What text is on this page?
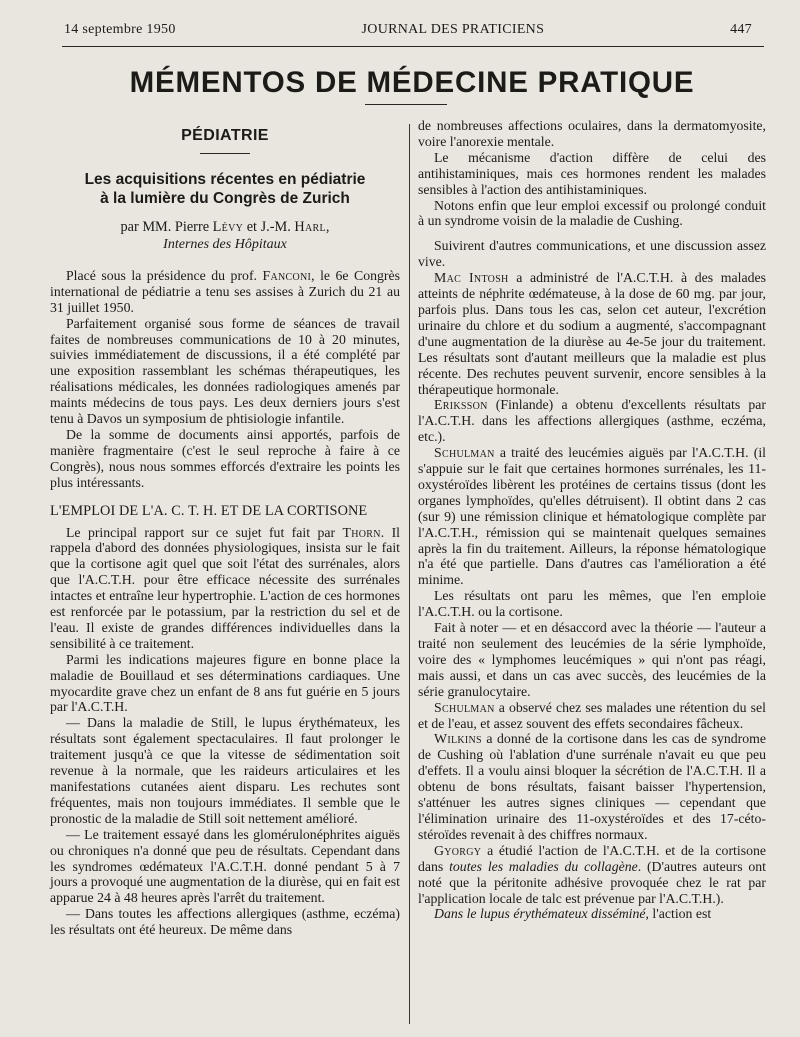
14 septembre 1950	JOURNAL DES PRATICIENS	447
MÉMENTOS DE MÉDECINE PRATIQUE
PÉDIATRIE
Les acquisitions récentes en pédiatrie
à la lumière du Congrès de Zurich
par MM. Pierre Lévy et J.-M. Harl,
Internes des Hôpitaux

Placé sous la présidence du prof. Fanconi, le 6e Congrès international de pédiatrie a tenu ses assises à Zurich du 21 au 31 juillet 1950.

Parfaitement organisé sous forme de séances de travail faites de nombreuses communications de 10 à 20 minutes, suivies immédiatement de discussions, il a été complété par une exposition rassemblant les schémas thérapeutiques, les réalisations médicales, les données radiologiques amenés par maints médecins de tous pays. Les deux derniers jours s'est tenu à Davos un symposium de phtisiologie infantile.

De la somme de documents ainsi apportés, parfois de manière fragmentaire (c'est le seul reproche à faire à ce Congrès), nous nous sommes efforcés d'extraire les points les plus intéressants.

L'EMPLOI DE L'A. C. T. H. ET DE LA CORTISONE

Le principal rapport sur ce sujet fut fait par Thorn. Il rappela d'abord des données physiologiques, insista sur le fait que la cortisone agit quel que soit l'état des surrénales, alors que l'A.C.T.H. pour être efficace nécessite des surrénales intactes et entraîne leur hypertrophie. L'action de ces hormones est renforcée par le potassium, par la restriction du sel et de l'eau. Il existe de grandes différences individuelles dans la sensibilité à ce traitement.

Parmi les indications majeures figure en bonne place la maladie de Bouillaud et ses déterminations cardiaques. Une myocardite grave chez un enfant de 8 ans fut guérie en 5 jours par l'A.C.T.H.

— Dans la maladie de Still, le lupus érythémateux, les résultats sont également spectaculaires. Il faut prolonger le traitement jusqu'à ce que la vitesse de sédimentation soit revenue à la normale, que les raideurs articulaires et les manifestations cutanées aient disparu. Les rechutes sont fréquentes, mais non toujours immédiates. Il semble que le pronostic de la maladie de Still soit nettement amélioré.

— Le traitement essayé dans les glomérulonéphrites aiguës ou chroniques n'a donné que peu de résultats. Cependant dans les syndromes œdémateux l'A.C.T.H. donné pendant 5 à 7 jours a provoqué une augmentation de la diurèse, qui en fait est apparue 24 à 48 heures après l'arrêt du traitement.

— Dans toutes les affections allergiques (asthme, eczéma) les résultats ont été heureux. De même dans

de nombreuses affections oculaires, dans la dermatomyosite, voire l'anorexie mentale.

Le mécanisme d'action diffère de celui des antihistaminiques, mais ces hormones rendent les malades sensibles à l'action des antihistaminiques.

Notons enfin que leur emploi excessif ou prolongé conduit à un syndrome voisin de la maladie de Cushing.

Suivirent d'autres communications, et une discussion assez vive.

Mac Intosh a administré de l'A.C.T.H. à des malades atteints de néphrite œdémateuse, à la dose de 60 mg. par jour, parfois plus. Dans tous les cas, selon cet auteur, l'excrétion urinaire du chlore et du sodium a augmenté, s'accompagnant d'une augmentation de la diurèse au 4e-5e jour du traitement. Les résultats sont d'autant meilleurs que la maladie est plus récente. Des rechutes peuvent survenir, encore sensibles à la thérapeutique hormonale.

Eriksson (Finlande) a obtenu d'excellents résultats par l'A.C.T.H. dans les affections allergiques (asthme, eczéma, etc.).

Schulman a traité des leucémies aiguës par l'A.C.T.H. (il s'appuie sur le fait que certaines hormones surrénales, les 11-oxystéroïdes libèrent les protéines de certains tissus (dont les organes lymphoïdes, qu'elles détruisent). Il obtint dans 2 cas (sur 9) une rémission clinique et hématologique complète par l'A.C.T.H., rémission qui se maintenait quelques semaines après la fin du traitement. Ailleurs, la réponse hématologique n'a été que partielle. Dans d'autres cas l'amélioration a été minime.

Les résultats ont paru les mêmes, que l'en emploie l'A.C.T.H. ou la cortisone.

Fait à noter — et en désaccord avec la théorie — l'auteur a traité non seulement des leucémies de la série lymphoïde, voire des « lymphomes leucémiques » qui n'ont pas réagi, mais aussi, et dans un cas avec succès, des leucémies de la série granulocytaire.

Schulman a observé chez ses malades une rétention du sel et de l'eau, et assez souvent des effets secondaires fâcheux.

Wilkins a donné de la cortisone dans les cas de syndrome de Cushing où l'ablation d'une surrénale n'avait eu que peu d'effets. Il a voulu ainsi bloquer la sécrétion de l'A.C.T.H. Il a obtenu de bons résultats, faisant baisser l'hypertension, s'atténuer les autres signes cliniques — cependant que l'élimination urinaire des 11-oxystéroïdes et des 17-céto-stéroïdes revenait à des chiffres normaux.

Gyorgy a étudié l'action de l'A.C.T.H. et de la cortisone dans toutes les maladies du collagène. (D'autres auteurs ont noté que la péritonite adhésive provoquée chez le rat par l'application locale de talc est prévenue par l'A.C.T.H.).

Dans le lupus érythémateux disséminé, l'action est
